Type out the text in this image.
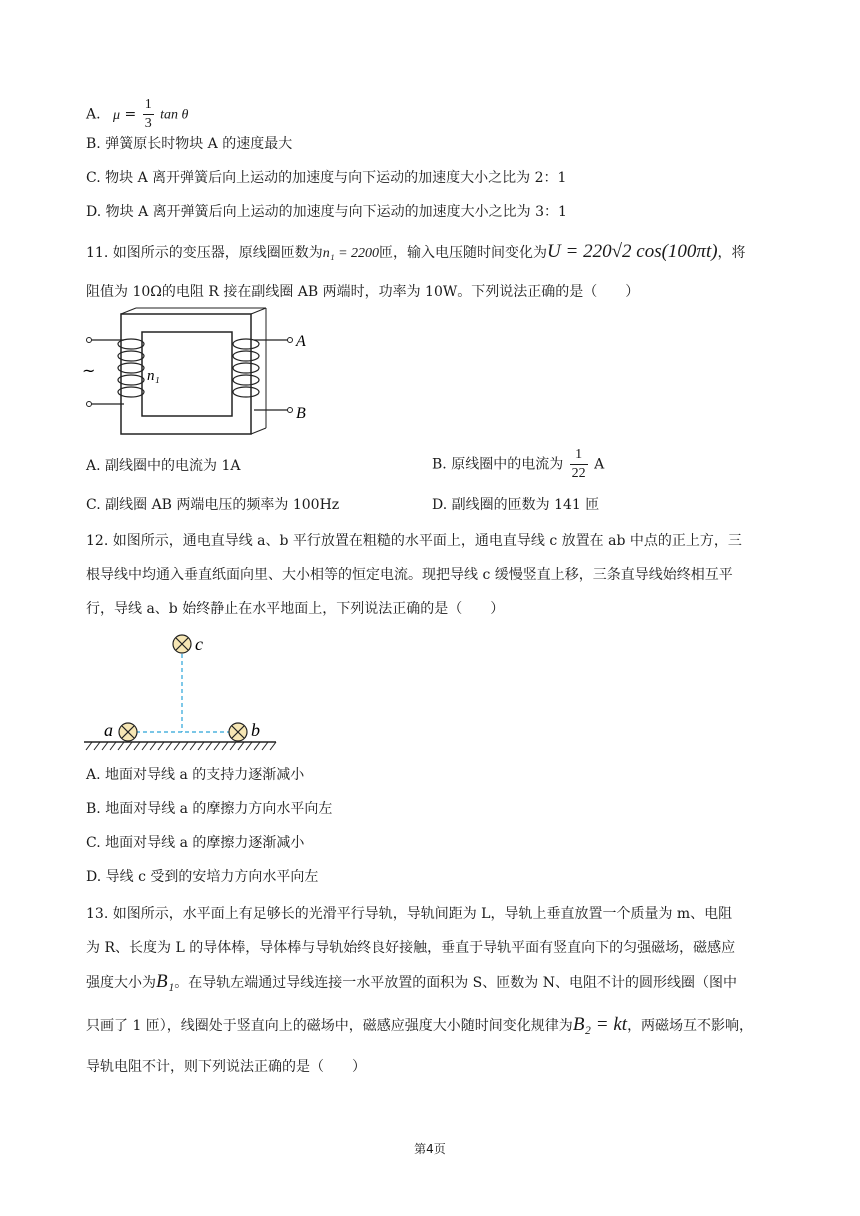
A. $\mu = \frac{1}{3}$ tan θ
B. 弹簧原长时物块 A 的速度最大
C. 物块 A 离开弹簧后向上运动的加速度与向下运动的加速度大小之比为 2：1
D. 物块 A 离开弹簧后向上运动的加速度与向下运动的加速度大小之比为 3：1
11. 如图所示的变压器，原线圈匝数为n₁ = 2200匝，输入电压随时间变化为U = 220√2 cos(100πt)，将
阻值为 10Ω的电阻 R 接在副线圈 AB 两端时，功率为 10W。下列说法正确的是（　　）
A
B
n₁
~
A. 副线圈中的电流为 1A	B. 原线圈中的电流为 $\frac{1}{22}$ A
C. 副线圈 AB 两端电压的频率为 100Hz	D. 副线圈的匝数为 141 匝
12. 如图所示，通电直导线 a、b 平行放置在粗糙的水平面上，通电直导线 c 放置在 ab 中点的正上方，三
根导线中均通入垂直纸面向里、大小相等的恒定电流。现把导线 c 缓慢竖直上移，三条直导线始终相互平
行，导线 a、b 始终静止在水平地面上，下列说法正确的是（　　）
c
a	b
A. 地面对导线 a 的支持力逐渐减小
B. 地面对导线 a 的摩擦力方向水平向左
C. 地面对导线 a 的摩擦力逐渐减小
D. 导线 c 受到的安培力方向水平向左
13. 如图所示，水平面上有足够长的光滑平行导轨，导轨间距为 L，导轨上垂直放置一个质量为 m、电阻
为 R、长度为 L 的导体棒，导体棒与导轨始终良好接触，垂直于导轨平面有竖直向下的匀强磁场，磁感应
强度大小为B₁。在导轨左端通过导线连接一水平放置的面积为 S、匝数为 N、电阻不计的圆形线圈（图中
只画了 1 匝），线圈处于竖直向上的磁场中，磁感应强度大小随时间变化规律为B₂ = kt，两磁场互不影响，
导轨电阻不计，则下列说法正确的是（　　）
第4页
